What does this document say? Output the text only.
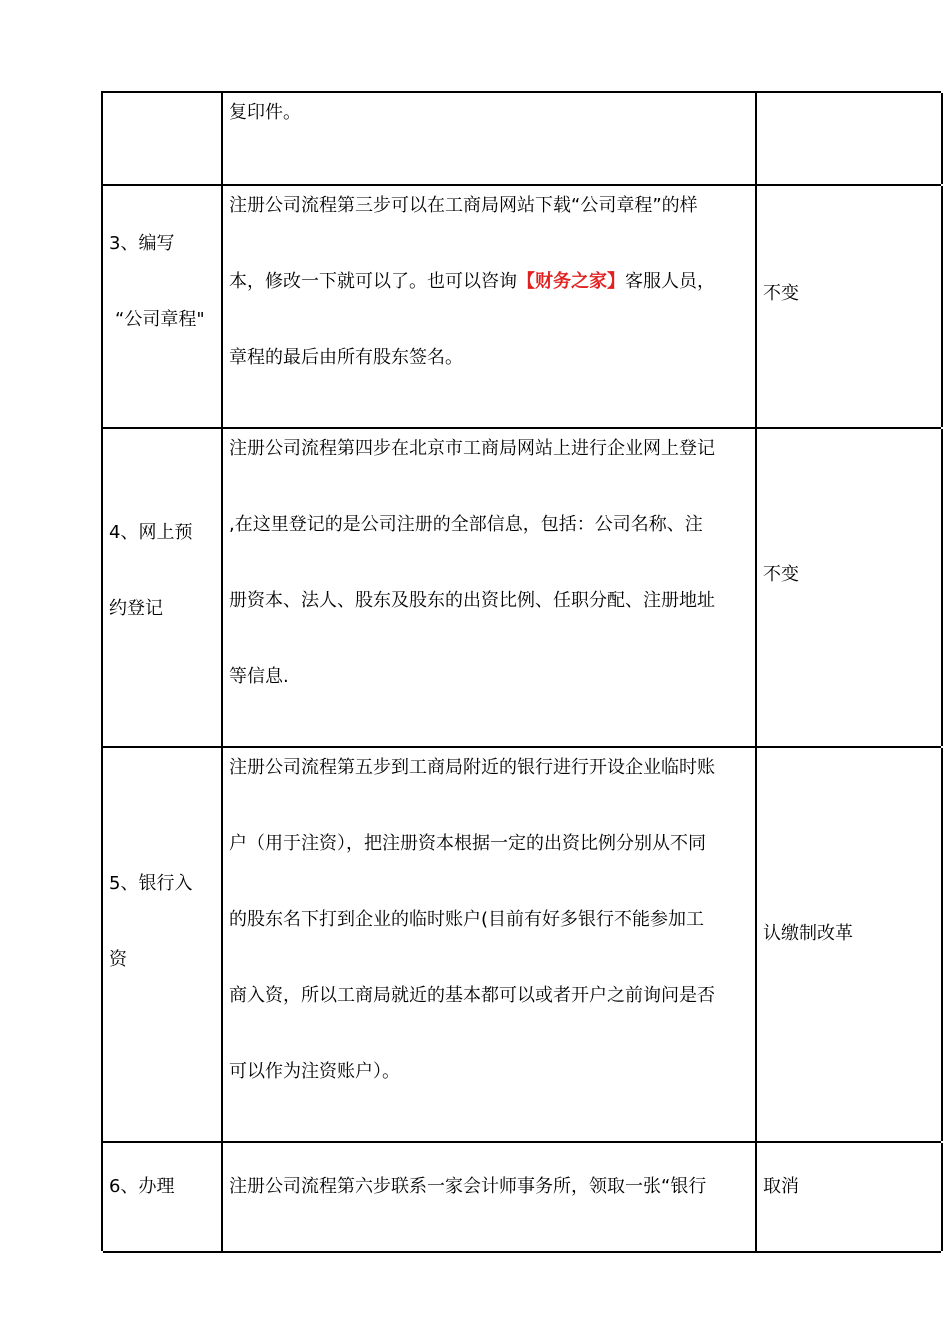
复印件。
3、编写
“公司章程"
注册公司流程第三步可以在工商局网站下载“公司章程”的样
本，修改一下就可以了。也可以咨询【财务之家】客服人员，
章程的最后由所有股东签名。
不变
4、网上预
约登记
注册公司流程第四步在北京市工商局网站上进行企业网上登记
,在这里登记的是公司注册的全部信息，包括：公司名称、注
册资本、法人、股东及股东的出资比例、任职分配、注册地址
等信息.
不变
5、银行入
资
注册公司流程第五步到工商局附近的银行进行开设企业临时账
户（用于注资），把注册资本根据一定的出资比例分别从不同
的股东名下打到企业的临时账户(目前有好多银行不能参加工
商入资，所以工商局就近的基本都可以或者开户之前询问是否
可以作为注资账户）。
认缴制改革
6、办理	注册公司流程第六步联系一家会计师事务所，领取一张“银行	取消
